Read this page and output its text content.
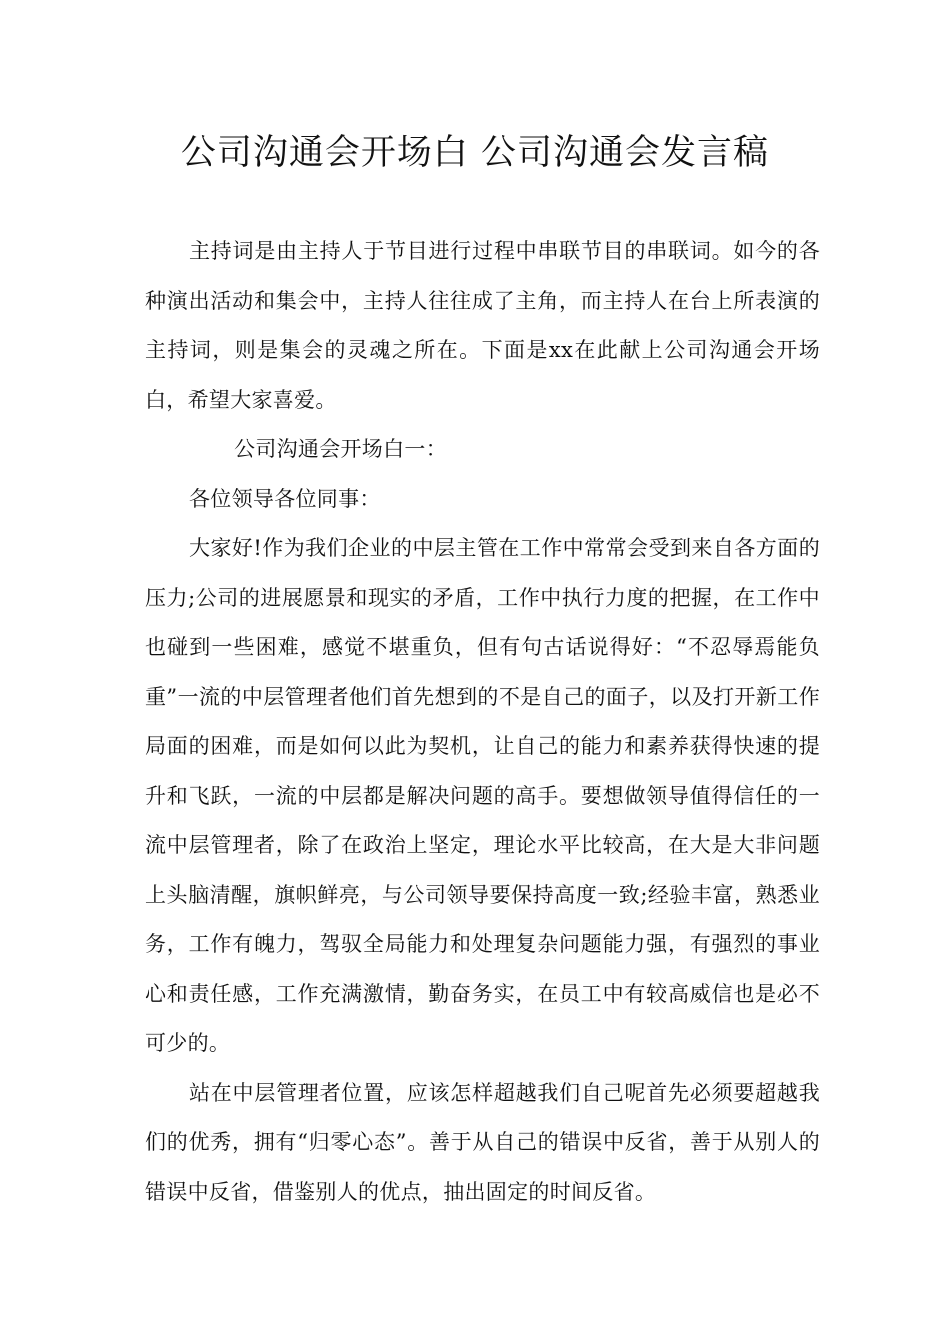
公司沟通会开场白 公司沟通会发言稿

主持词是由主持人于节目进行过程中串联节目的串联词。如今的各种演出活动和集会中，主持人往往成了主角，而主持人在台上所表演的主持词，则是集会的灵魂之所在。下面是xx在此献上公司沟通会开场白，希望大家喜爱。

公司沟通会开场白一：

各位领导各位同事：

大家好!作为我们企业的中层主管在工作中常常会受到来自各方面的压力;公司的进展愿景和现实的矛盾，工作中执行力度的把握，在工作中也碰到一些困难，感觉不堪重负，但有句古话说得好：“不忍辱焉能负重”一流的中层管理者他们首先想到的不是自己的面子，以及打开新工作局面的困难，而是如何以此为契机，让自己的能力和素养获得快速的提升和飞跃，一流的中层都是解决问题的高手。要想做领导值得信任的一流中层管理者，除了在政治上坚定，理论水平比较高，在大是大非问题上头脑清醒，旗帜鲜亮，与公司领导要保持高度一致;经验丰富，熟悉业务，工作有魄力，驾驭全局能力和处理复杂问题能力强，有强烈的事业心和责任感，工作充满激情，勤奋务实，在员工中有较高威信也是必不可少的。

站在中层管理者位置，应该怎样超越我们自己呢首先必须要超越我们的优秀，拥有“归零心态”。善于从自己的错误中反省，善于从别人的错误中反省，借鉴别人的优点，抽出固定的时间反省。
